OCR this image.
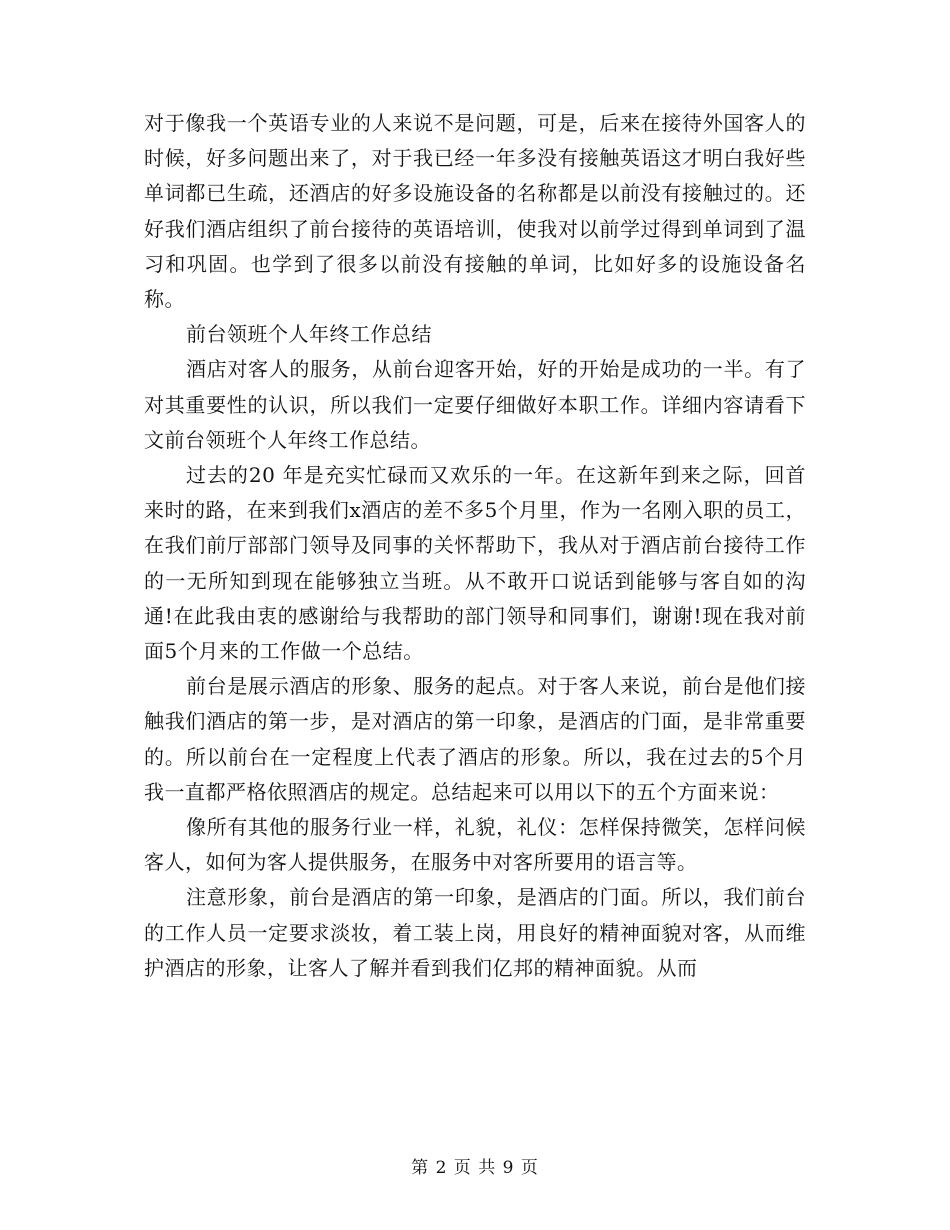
对于像我一个英语专业的人来说不是问题，可是，后来在接待外国客人的时候，好多问题出来了，对于我已经一年多没有接触英语这才明白我好些单词都已生疏，还酒店的好多设施设备的名称都是以前没有接触过的。还好我们酒店组织了前台接待的英语培训，使我对以前学过得到单词到了温习和巩固。也学到了很多以前没有接触的单词，比如好多的设施设备名称。

前台领班个人年终工作总结

酒店对客人的服务，从前台迎客开始，好的开始是成功的一半。有了对其重要性的认识，所以我们一定要仔细做好本职工作。详细内容请看下文前台领班个人年终工作总结。

过去的20 年是充实忙碌而又欢乐的一年。在这新年到来之际，回首来时的路，在来到我们x酒店的差不多5个月里，作为一名刚入职的员工，在我们前厅部部门领导及同事的关怀帮助下，我从对于酒店前台接待工作的一无所知到现在能够独立当班。从不敢开口说话到能够与客自如的沟通!在此我由衷的感谢给与我帮助的部门领导和同事们，谢谢!现在我对前面5个月来的工作做一个总结。

前台是展示酒店的形象、服务的起点。对于客人来说，前台是他们接触我们酒店的第一步，是对酒店的第一印象，是酒店的门面，是非常重要的。所以前台在一定程度上代表了酒店的形象。所以，我在过去的5个月我一直都严格依照酒店的规定。总结起来可以用以下的五个方面来说：

像所有其他的服务行业一样，礼貌，礼仪：怎样保持微笑，怎样问候客人，如何为客人提供服务，在服务中对客所要用的语言等。

注意形象，前台是酒店的第一印象，是酒店的门面。所以，我们前台的工作人员一定要求淡妆，着工装上岗，用良好的精神面貌对客，从而维护酒店的形象，让客人了解并看到我们亿邦的精神面貌。从而

第 2 页 共 9 页
